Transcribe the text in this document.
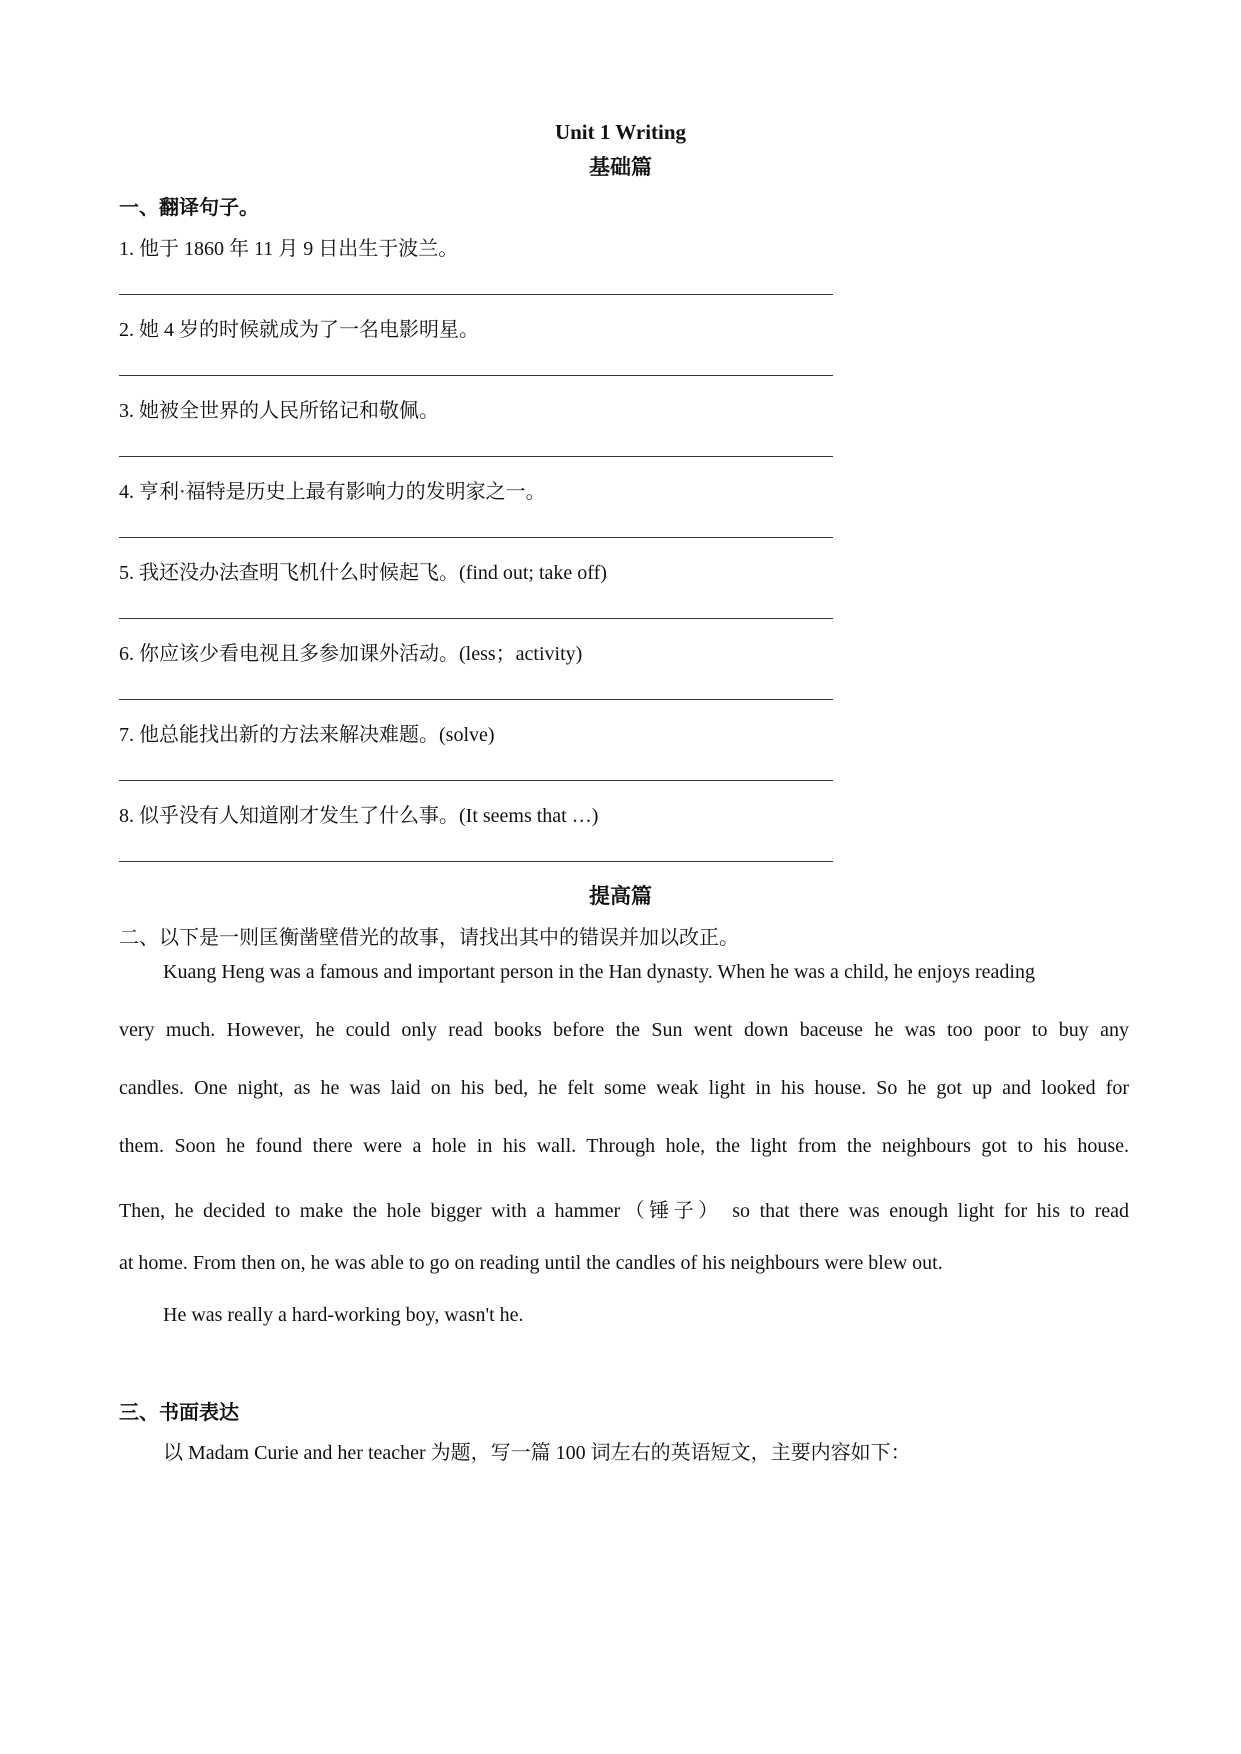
Unit 1 Writing
基础篇
一、翻译句子。
1. 他于 1860 年 11 月 9 日出生于波兰。
2. 她 4 岁的时候就成为了一名电影明星。
3. 她被全世界的人民所铭记和敬佩。
4. 亨利·福特是历史上最有影响力的发明家之一。
5. 我还没办法查明飞机什么时候起飞。(find out; take off)
6. 你应该少看电视且多参加课外活动。(less；activity)
7. 他总能找出新的方法来解决难题。(solve)
8. 似乎没有人知道刚才发生了什么事。(It seems that …)
提高篇
二、以下是一则匡衡凿壁借光的故事，请找出其中的错误并加以改正。
Kuang Heng was a famous and important person in the Han dynasty. When he was a child, he enjoys reading
very much. However, he could only read books before the Sun went down baceuse he was too poor to buy any
candles. One night, as he was laid on his bed, he felt some weak light in his house. So he got up and looked for
them. Soon he found there were a hole in his wall. Through hole, the light from the neighbours got to his house.
Then, he decided to make the hole bigger with a hammer（锤子） so that there was enough light for his to read
at home. From then on, he was able to go on reading until the candles of his neighbours were blew out.
He was really a hard-working boy, wasn't he.
三、书面表达
以 Madam Curie and her teacher 为题，写一篇 100 词左右的英语短文，主要内容如下：
